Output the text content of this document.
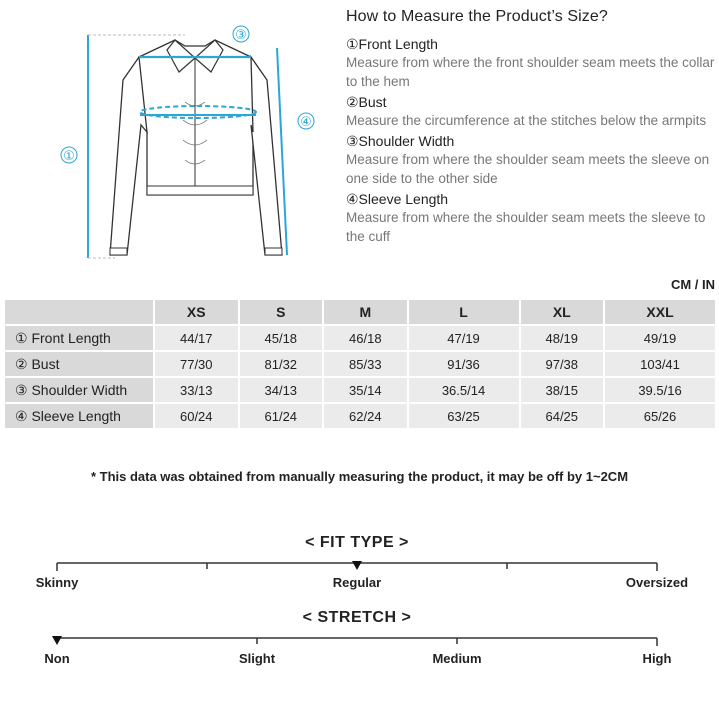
①
④
③
How to Measure the Product’s Size?
①Front Length
Measure from where the front shoulder seam meets the collar to the hem
②Bust
Measure the circumference at the stitches below the armpits
③Shoulder Width
Measure from where the shoulder seam meets the sleeve on one side to the other side
④Sleeve Length
Measure from where the shoulder seam meets the sleeve to the cuff
CM / IN
	XS	S	M	L	XL	XXL
① Front Length	44/17	45/18	46/18	47/19	48/19	49/19
② Bust	77/30	81/32	85/33	91/36	97/38	103/41
③ Shoulder Width	33/13	34/13	35/14	36.5/14	38/15	39.5/16
④ Sleeve Length	60/24	61/24	62/24	63/25	64/25	65/26
* This data was obtained from manually measuring the product, it may be off by 1~2CM
< FIT TYPE >
Skinny	Regular	Oversized
< STRETCH >
Non	Slight	Medium	High
